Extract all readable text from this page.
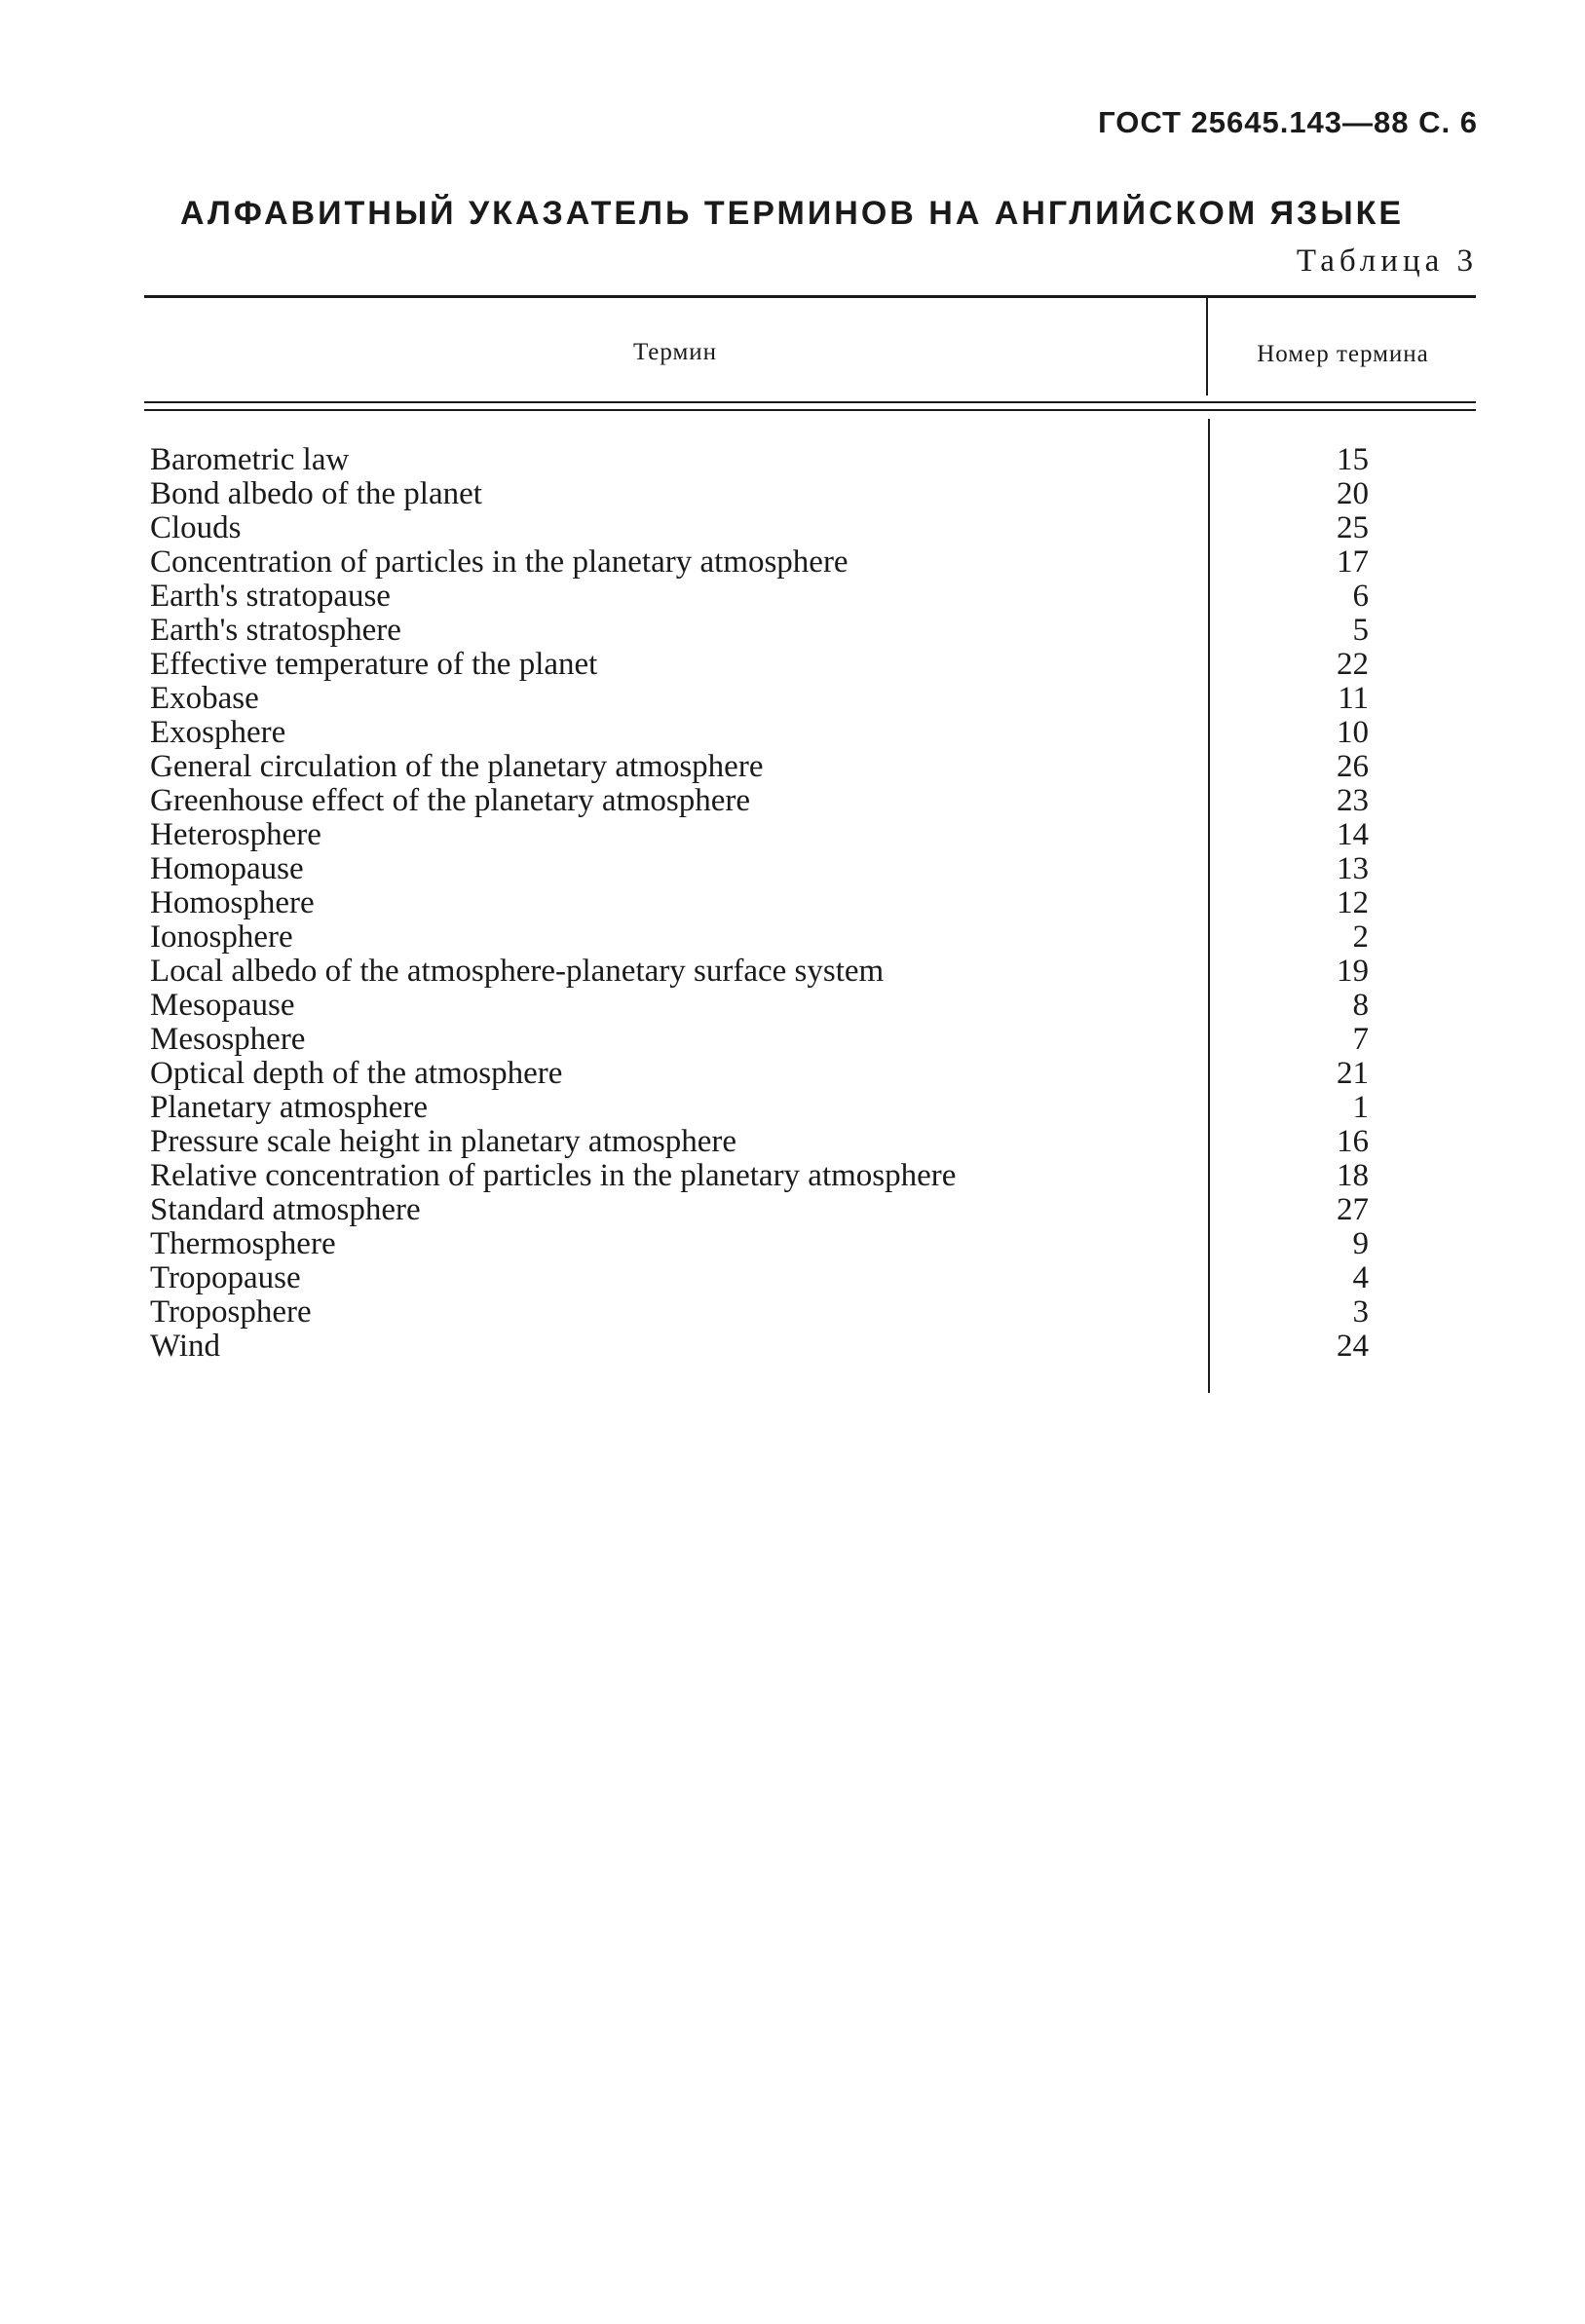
ГОСТ 25645.143—88 С. 6
АЛФАВИТНЫЙ УКАЗАТЕЛЬ ТЕРМИНОВ НА АНГЛИЙСКОМ ЯЗЫКЕ
Таблица 3
Термин	Номер термина
Barometric law	15
Bond albedo of the planet	20
Clouds	25
Concentration of particles in the planetary atmosphere	17
Earth's stratopause	6
Earth's stratosphere	5
Effective temperature of the planet	22
Exobase	11
Exosphere	10
General circulation of the planetary atmosphere	26
Greenhouse effect of the planetary atmosphere	23
Heterosphere	14
Homopause	13
Homosphere	12
Ionosphere	2
Local albedo of the atmosphere-planetary surface system	19
Mesopause	8
Mesosphere	7
Optical depth of the atmosphere	21
Planetary atmosphere	1
Pressure scale height in planetary atmosphere	16
Relative concentration of particles in the planetary atmosphere	18
Standard atmosphere	27
Thermosphere	9
Tropopause	4
Troposphere	3
Wind	24
